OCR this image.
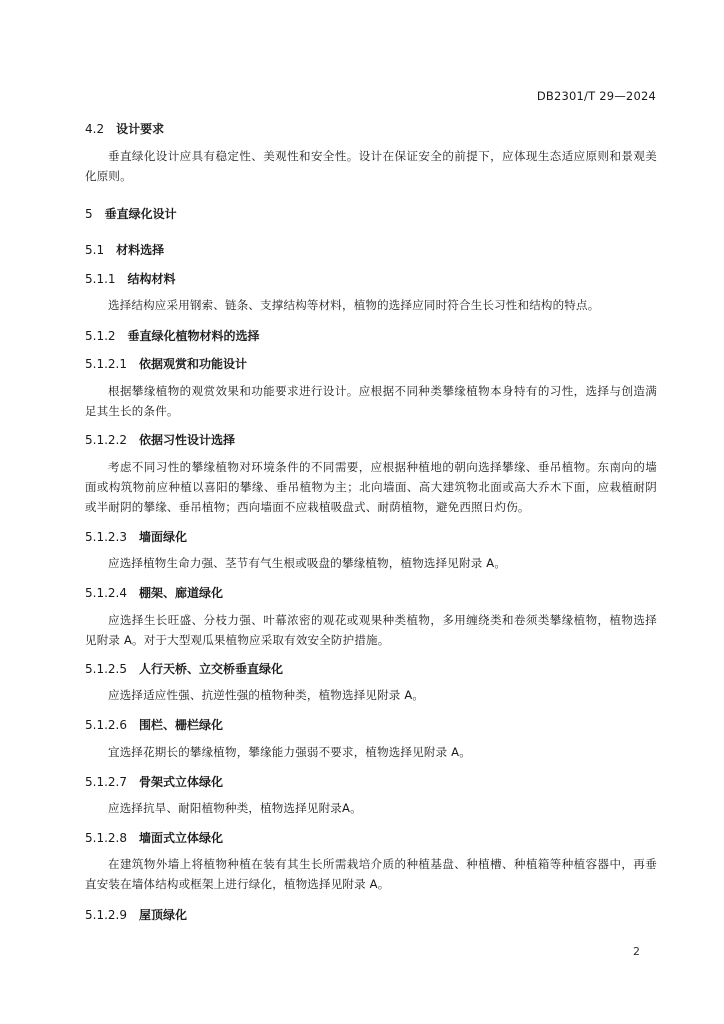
DB2301/T 29—2024
4.2 设计要求
垂直绿化设计应具有稳定性、美观性和安全性。设计在保证安全的前提下，应体现生态适应原则和景观美化原则。
5 垂直绿化设计
5.1 材料选择
5.1.1 结构材料
选择结构应采用钢索、链条、支撑结构等材料，植物的选择应同时符合生长习性和结构的特点。
5.1.2 垂直绿化植物材料的选择
5.1.2.1 依据观赏和功能设计
根据攀缘植物的观赏效果和功能要求进行设计。应根据不同种类攀缘植物本身特有的习性，选择与创造满足其生长的条件。
5.1.2.2 依据习性设计选择
考虑不同习性的攀缘植物对环境条件的不同需要，应根据种植地的朝向选择攀缘、垂吊植物。东南向的墙面或构筑物前应种植以喜阳的攀缘、垂吊植物为主；北向墙面、高大建筑物北面或高大乔木下面，应栽植耐阴或半耐阴的攀缘、垂吊植物；西向墙面不应栽植吸盘式、耐荫植物，避免西照日灼伤。
5.1.2.3 墙面绿化
应选择植物生命力强、茎节有气生根或吸盘的攀缘植物，植物选择见附录 A。
5.1.2.4 棚架、廊道绿化
应选择生长旺盛、分枝力强、叶幕浓密的观花或观果种类植物，多用缠绕类和卷须类攀缘植物，植物选择见附录 A。对于大型观瓜果植物应采取有效安全防护措施。
5.1.2.5 人行天桥、立交桥垂直绿化
应选择适应性强、抗逆性强的植物种类，植物选择见附录 A。
5.1.2.6 围栏、栅栏绿化
宜选择花期长的攀缘植物，攀缘能力强弱不要求，植物选择见附录 A。
5.1.2.7 骨架式立体绿化
应选择抗旱、耐阳植物种类，植物选择见附录A。
5.1.2.8 墙面式立体绿化
在建筑物外墙上将植物种植在装有其生长所需栽培介质的种植基盘、种植槽、种植箱等种植容器中，再垂直安装在墙体结构或框架上进行绿化，植物选择见附录 A。
5.1.2.9 屋顶绿化
2
